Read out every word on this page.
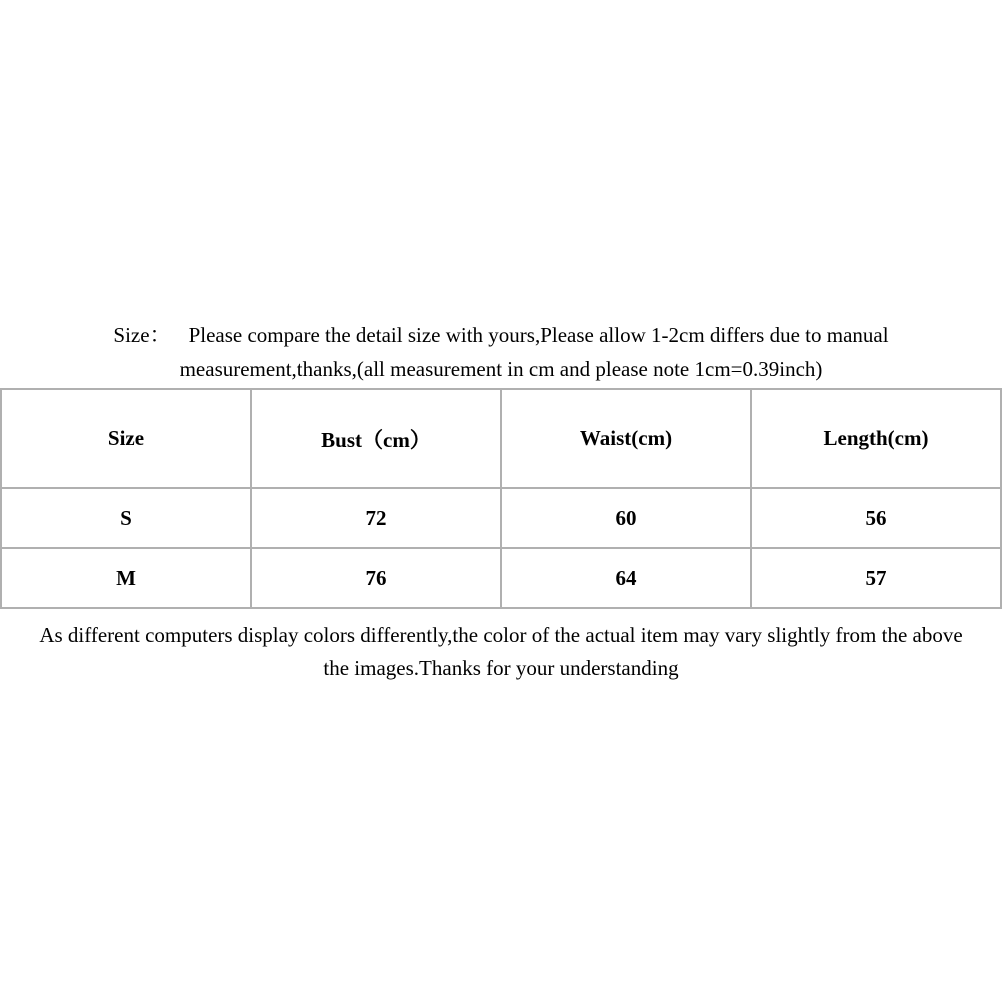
Size： Please compare the detail size with yours,Please allow 1-2cm differs due to manual
measurement,thanks,(all measurement in cm and please note 1cm=0.39inch)
Size	Bust（cm）	Waist(cm)	Length(cm)
S	72	60	56
M	76	64	57
As different computers display colors differently,the color of the actual item may vary slightly from the above
the images.Thanks for your understanding
